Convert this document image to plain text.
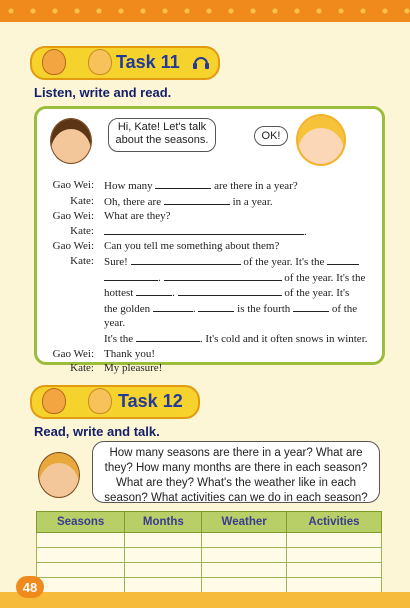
Task 11
Listen, write and read.
Hi, Kate! Let's talk about the seasons.	OK!
Gao Wei: How many	are there in a year?
Kate: Oh, there are	in a year.
Gao Wei: What are they?
Kate:	.
Gao Wei: Can you tell me something about them?
Kate: Sure!	of the year. It's the
.	of the year. It's the
hottest	.	of the year. It's
the golden	.	is the fourth	of the year.
It's the	. It's cold and it often snows in winter.
Gao Wei: Thank you!
Kate: My pleasure!
Task 12
Read, write and talk.
How many seasons are there in a year? What are they? How many months are there in each season? What are they? What's the weather like in each season? What activities can we do in each season?
Seasons	Months	Weather	Activities

48
